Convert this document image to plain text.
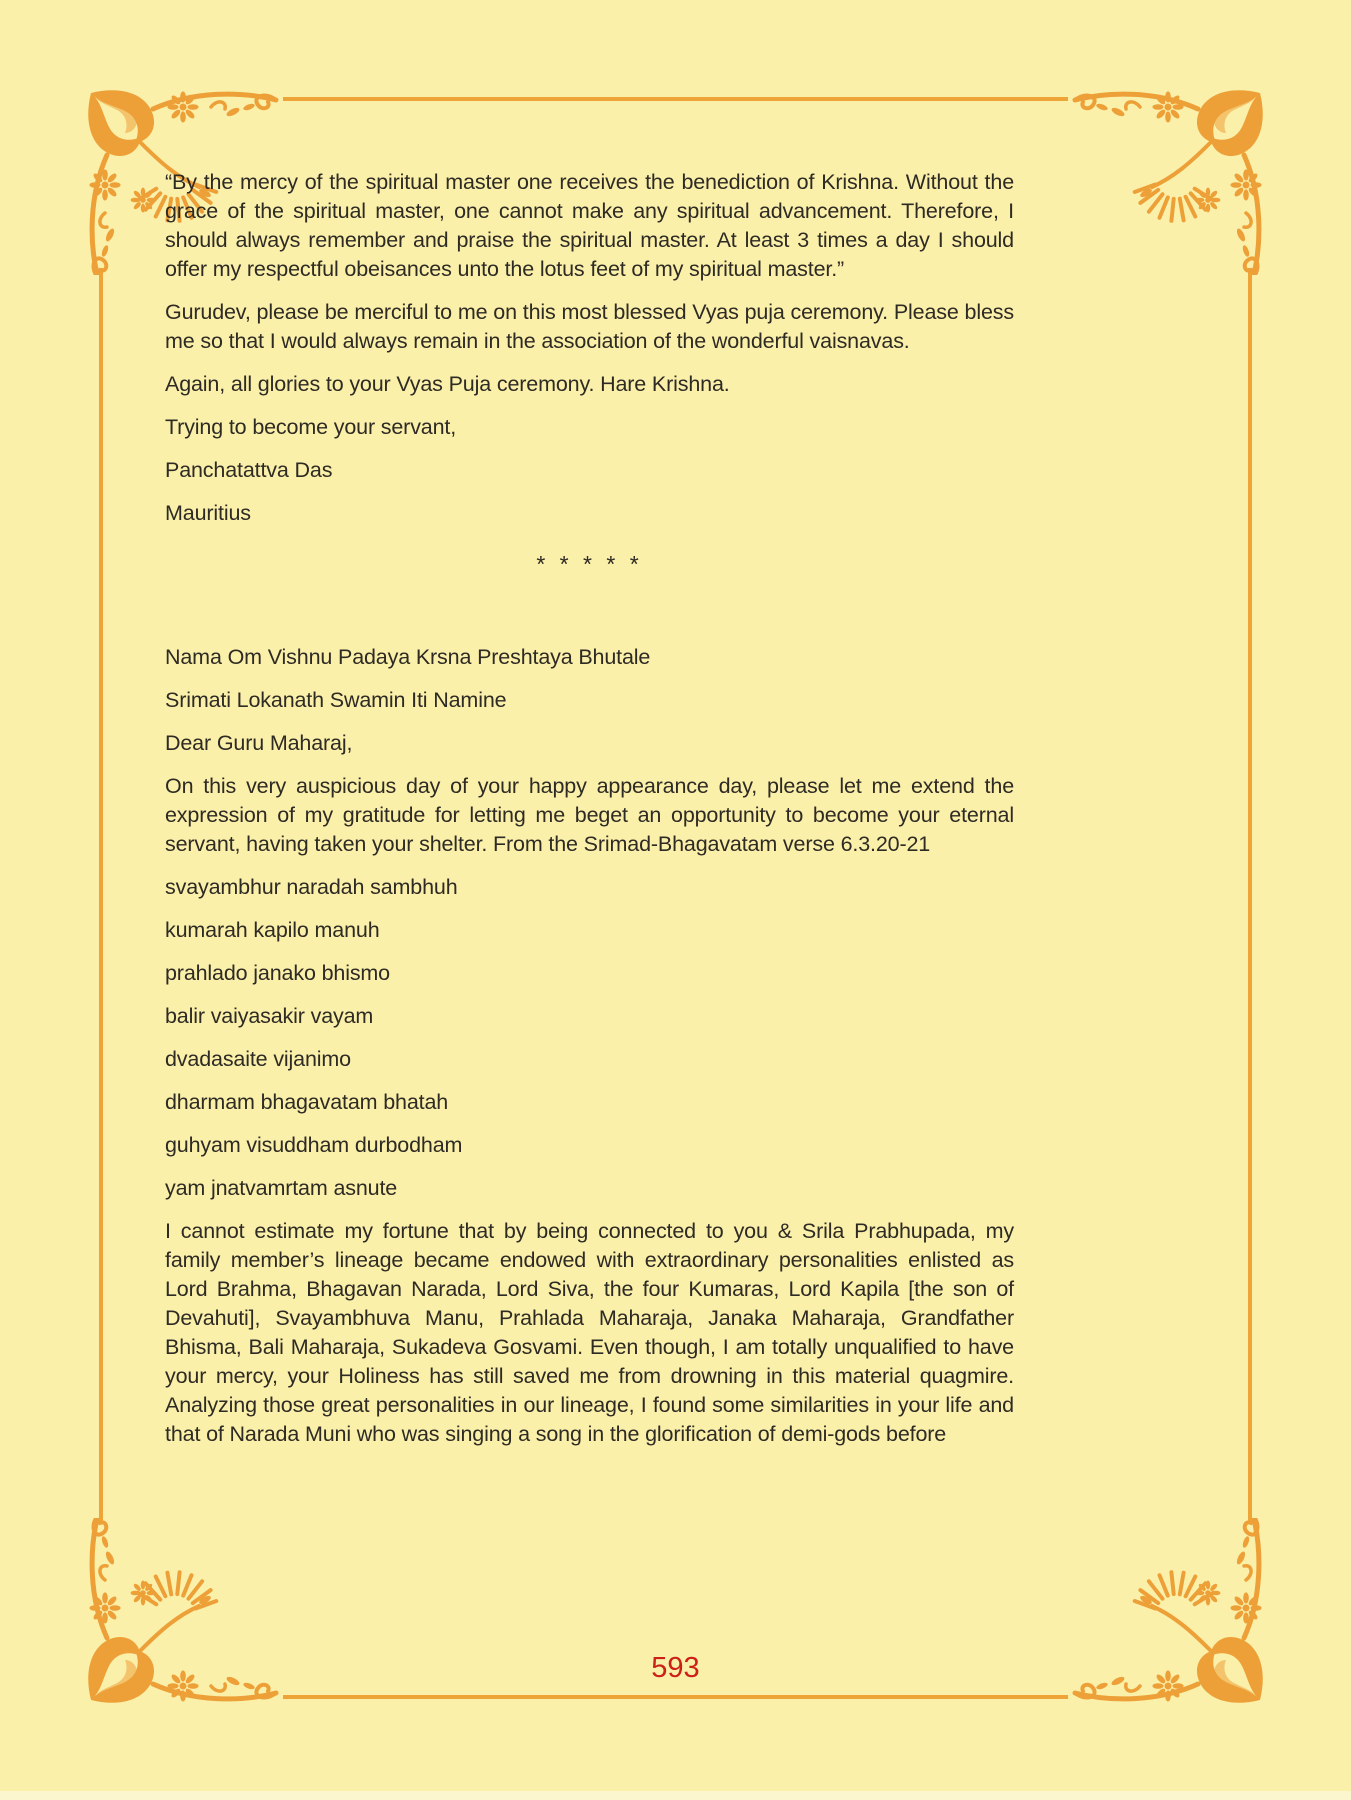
“By the mercy of the spiritual master one receives the benediction of Krishna. Without the grace of the spiritual master, one cannot make any spiritual advancement. Therefore, I should always remember and praise the spiritual master. At least 3 times a day I should offer my respectful obeisances unto the lotus feet of my spiritual master.”

Gurudev, please be merciful to me on this most blessed Vyas puja ceremony. Please bless me so that I would always remain in the association of the wonderful vaisnavas.

Again, all glories to your Vyas Puja ceremony. Hare Krishna.

Trying to become your servant,

Panchatattva Das

Mauritius

* * * * *

Nama Om Vishnu Padaya Krsna Preshtaya Bhutale

Srimati Lokanath Swamin Iti Namine

Dear Guru Maharaj,

On this very auspicious day of your happy appearance day, please let me extend the expression of my gratitude for letting me beget an opportunity to become your eternal servant, having taken your shelter. From the Srimad-Bhagavatam verse 6.3.20-21

svayambhur naradah sambhuh

kumarah kapilo manuh

prahlado janako bhismo

balir vaiyasakir vayam

dvadasaite vijanimo

dharmam bhagavatam bhatah

guhyam visuddham durbodham

yam jnatvamrtam asnute

I cannot estimate my fortune that by being connected to you & Srila Prabhupada, my family member’s lineage became endowed with extraordinary personalities enlisted as Lord Brahma, Bhagavan Narada, Lord Siva, the four Kumaras, Lord Kapila [the son of Devahuti], Svayambhuva Manu, Prahlada Maharaja, Janaka Maharaja, Grandfather Bhisma, Bali Maharaja, Sukadeva Gosvami. Even though, I am totally unqualified to have your mercy, your Holiness has still saved me from drowning in this material quagmire. Analyzing those great personalities in our lineage, I found some similarities in your life and that of Narada Muni who was singing a song in the glorification of demi-gods before

593
